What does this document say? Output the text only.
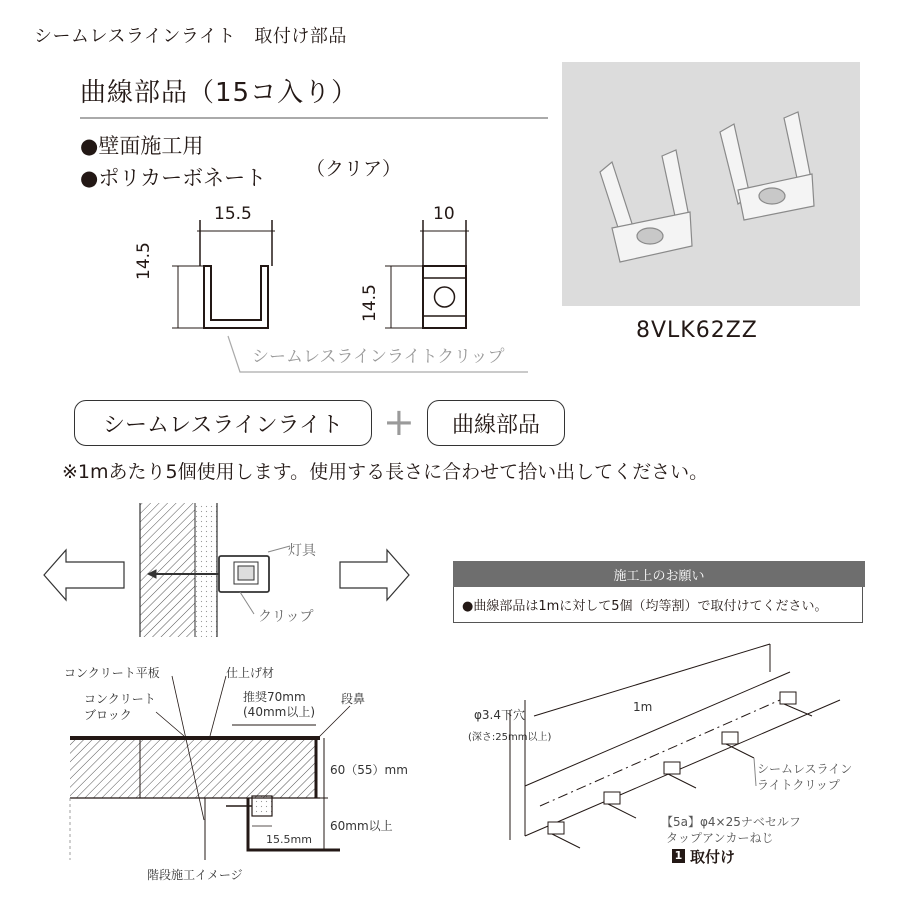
シームレスラインライト　取付け部品
曲線部品（15コ入り）
●壁面施工用
●ポリカーボネート （クリア）
8VLK62ZZ
15.5
14.5
10
14.5
シームレスラインライトクリップ
シームレスラインライト + 曲線部品
※1mあたり5個使用します。使用する長さに合わせて拾い出してください。
灯具
クリップ
施工上のお願い
●曲線部品は1mに対して5個（均等割）で取付けてください。
コンクリート平板	仕上げ材
コンクリート
ブロック
推奨70mm
(40mm以上)
段鼻
60（55）mm
60mm以上
15.5mm
階段施工イメージ
1m
φ3.4下穴
(深さ:25mm以上)
シームレスライン
ライトクリップ
【5a】φ4×25ナベセルフ
タップアンカーねじ
1 取付け
